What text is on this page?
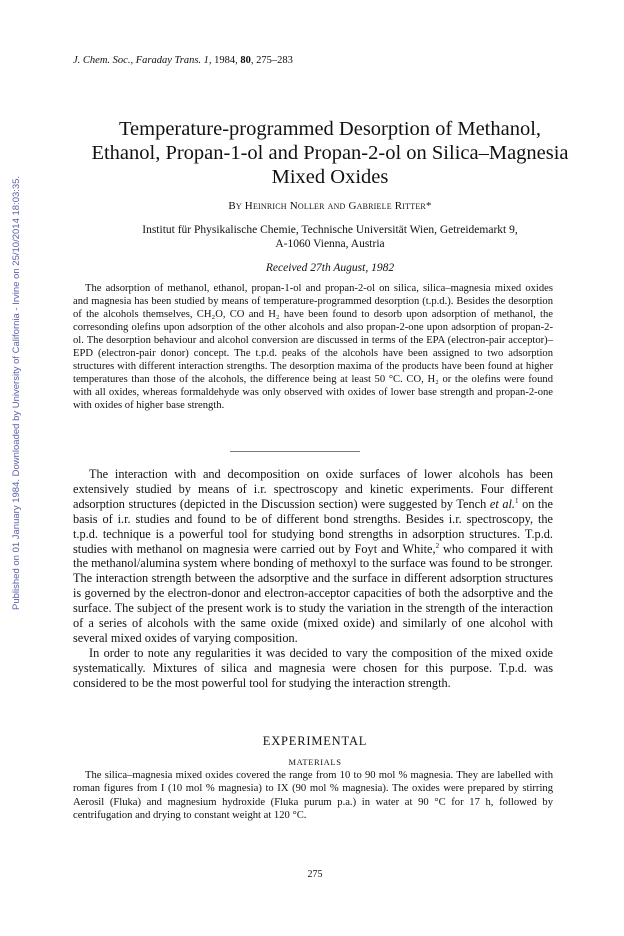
J. Chem. Soc., Faraday Trans. 1, 1984, 80, 275–283
Published on 01 January 1984. Downloaded by University of California - Irvine on 25/10/2014 18:03:35.
Temperature-programmed Desorption of Methanol,
Ethanol, Propan-1-ol and Propan-2-ol on Silica–Magnesia
Mixed Oxides
By Heinrich Noller and Gabriele Ritter*
Institut für Physikalische Chemie, Technische Universität Wien, Getreidemarkt 9,
A-1060 Vienna, Austria
Received 27th August, 1982
The adsorption of methanol, ethanol, propan-1-ol and propan-2-ol on silica, silica–magnesia mixed oxides and magnesia has been studied by means of temperature-programmed desorption (t.p.d.). Besides the desorption of the alcohols themselves, CH₂O, CO and H₂ have been found to desorb upon adsorption of methanol, the corresonding olefins upon adsorption of the other alcohols and also propan-2-one upon adsorption of propan-2-ol. The desorption behaviour and alcohol conversion are discussed in terms of the EPA (electron-pair acceptor)–EPD (electron-pair donor) concept. The t.p.d. peaks of the alcohols have been assigned to two adsorption structures with different interaction strengths. The desorption maxima of the products have been found at higher temperatures than those of the alcohols, the difference being at least 50 °C. CO, H₂ or the olefins were found with all oxides, whereas formaldehyde was only observed with oxides of lower base strength and propan-2-one with oxides of higher base strength.

The interaction with and decomposition on oxide surfaces of lower alcohols has been extensively studied by means of i.r. spectroscopy and kinetic experiments. Four different adsorption structures (depicted in the Discussion section) were suggested by Tench et al.$^1$ on the basis of i.r. studies and found to be of different bond strengths. Besides i.r. spectroscopy, the t.p.d. technique is a powerful tool for studying bond strengths in adsorption structures. T.p.d. studies with methanol on magnesia were carried out by Foyt and White,$^2$ who compared it with the methanol/alumina system where bonding of methoxyl to the surface was found to be stronger. The interaction strength between the adsorptive and the surface in different adsorption structures is governed by the electron-donor and electron-acceptor capacities of both the adsorptive and the surface. The subject of the present work is to study the variation in the strength of the interaction of a series of alcohols with the same oxide (mixed oxide) and similarly of one alcohol with several mixed oxides of varying composition.

In order to note any regularities it was decided to vary the composition of the mixed oxide systematically. Mixtures of silica and magnesia were chosen for this purpose. T.p.d. was considered to be the most powerful tool for studying the interaction strength.

EXPERIMENTAL
MATERIALS
The silica–magnesia mixed oxides covered the range from 10 to 90 mol % magnesia. They are labelled with roman figures from I (10 mol % magnesia) to IX (90 mol % magnesia). The oxides were prepared by stirring Aerosil (Fluka) and magnesium hydroxide (Fluka purum p.a.) in water at 90 °C for 17 h, followed by centrifugation and drying to constant weight at 120 °C.
275
